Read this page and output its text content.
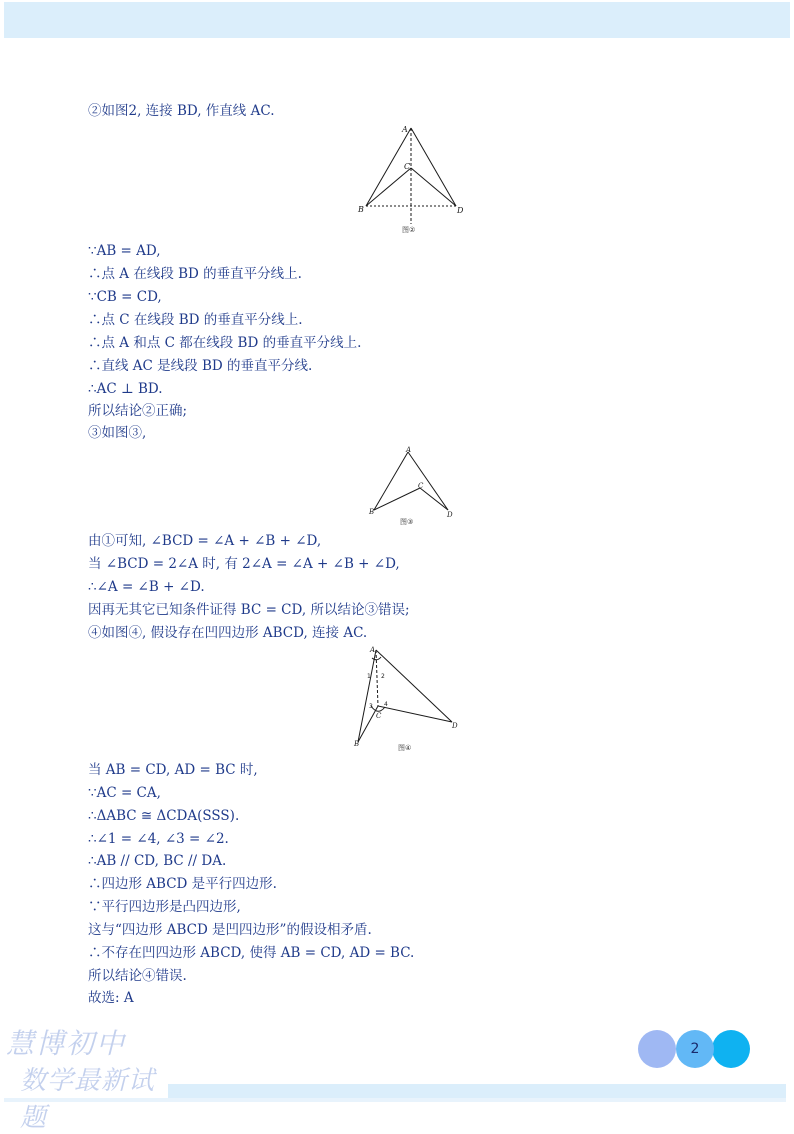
②如图2, 连接 BD, 作直线 AC.
∵AB = AD,
∴点 A 在线段 BD 的垂直平分线上.
∵CB = CD,
∴点 C 在线段 BD 的垂直平分线上.
∴点 A 和点 C 都在线段 BD 的垂直平分线上.
∴直线 AC 是线段 BD 的垂直平分线.
∴AC ⊥ BD.
所以结论②正确;
③如图③,
由①可知, ∠BCD = ∠A + ∠B + ∠D,
当 ∠BCD = 2∠A 时, 有 2∠A = ∠A + ∠B + ∠D,
∴∠A = ∠B + ∠D.
因再无其它已知条件证得 BC = CD, 所以结论③错误;
④如图④, 假设存在凹四边形 ABCD, 连接 AC.
当 AB = CD, AD = BC 时,
∵AC = CA,
∴ΔABC ≅ ΔCDA(SSS).
∴∠1 = ∠4, ∠3 = ∠2.
∴AB // CD, BC // DA.
∴四边形 ABCD 是平行四边形.
∵平行四边形是凸四边形,
这与“四边形 ABCD 是凹四边形”的假设相矛盾.
∴不存在凹四边形 ABCD, 使得 AB = CD, AD = BC.
所以结论④错误.
故选: A
A
B
C
D
图②
A
B
C
D
图③
A
B
C
D
1 2
3 4
图④
慧博初中
数学最新试题
2
